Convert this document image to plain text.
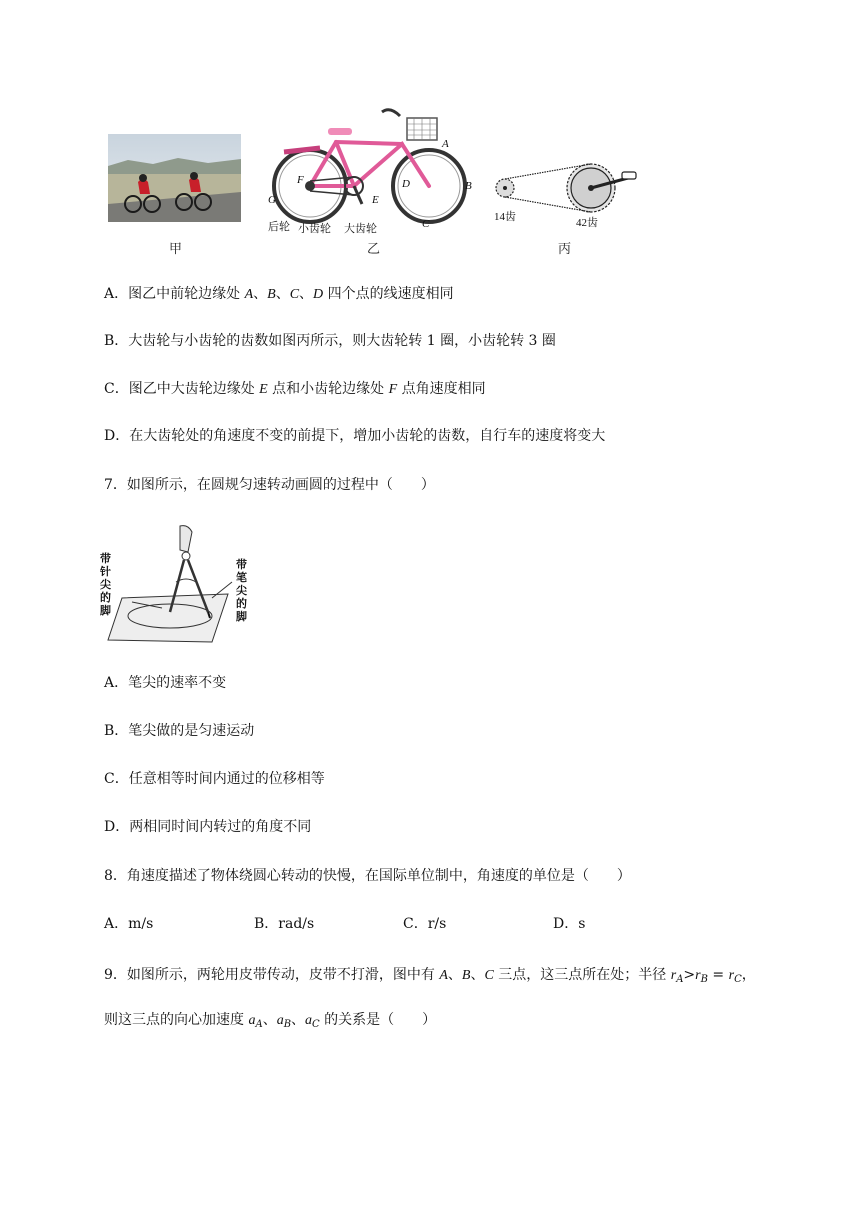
甲
A
B
C
D
E
F
G
后轮 小齿轮 大齿轮
乙
14齿	42齿
丙
A．图乙中前轮边缘处 A、B、C、D 四个点的线速度相同
B．大齿轮与小齿轮的齿数如图丙所示，则大齿轮转 1 圈，小齿轮转 3 圈
C．图乙中大齿轮边缘处 E 点和小齿轮边缘处 F 点角速度相同
D．在大齿轮处的角速度不变的前提下，增加小齿轮的齿数，自行车的速度将变大
7．如图所示，在圆规匀速转动画圆的过程中（　　）
带针尖的脚
带笔尖的脚
A．笔尖的速率不变
B．笔尖做的是匀速运动
C．任意相等时间内通过的位移相等
D．两相同时间内转过的角度不同
8．角速度描述了物体绕圆心转动的快慢，在国际单位制中，角速度的单位是（　　）
A．m/s	B．rad/s	C．r/s	D．s
9．如图所示，两轮用皮带传动，皮带不打滑，图中有 A、B、C 三点，这三点所在处；半径 $r_A>r_B = r_C$，
则这三点的向心加速度 $a_A$、$a_B$、$a_C$ 的关系是（　　）
